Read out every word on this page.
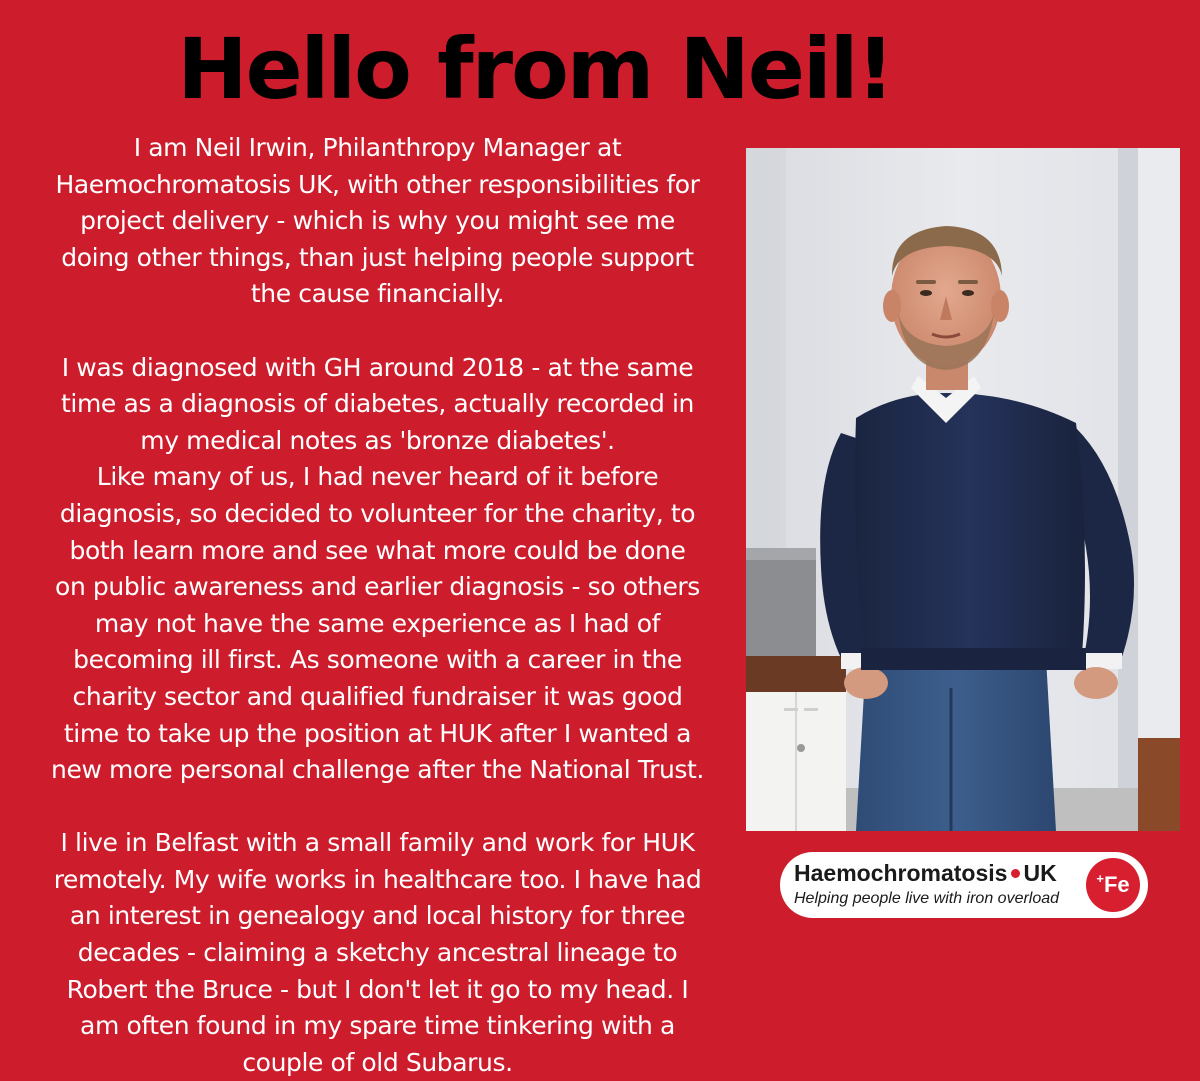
Hello from Neil!

I am Neil Irwin, Philanthropy Manager at
Haemochromatosis UK, with other responsibilities for
project delivery - which is why you might see me
doing other things, than just helping people support
the cause financially.

I was diagnosed with GH around 2018 - at the same
time as a diagnosis of diabetes, actually recorded in
my medical notes as 'bronze diabetes'.
Like many of us, I had never heard of it before
diagnosis, so decided to volunteer for the charity, to
both learn more and see what more could be done
on public awareness and earlier diagnosis - so others
may not have the same experience as I had of
becoming ill first. As someone with a career in the
charity sector and qualified fundraiser it was good
time to take up the position at HUK after I wanted a
new more personal challenge after the National Trust.

I live in Belfast with a small family and work for HUK
remotely. My wife works in healthcare too. I have had
an interest in genealogy and local history for three
decades - claiming a sketchy ancestral lineage to
Robert the Bruce - but I don't let it go to my head. I
am often found in my spare time tinkering with a
couple of old Subarus.

Haemochromatosis UK
Helping people live with iron overload
+Fe
